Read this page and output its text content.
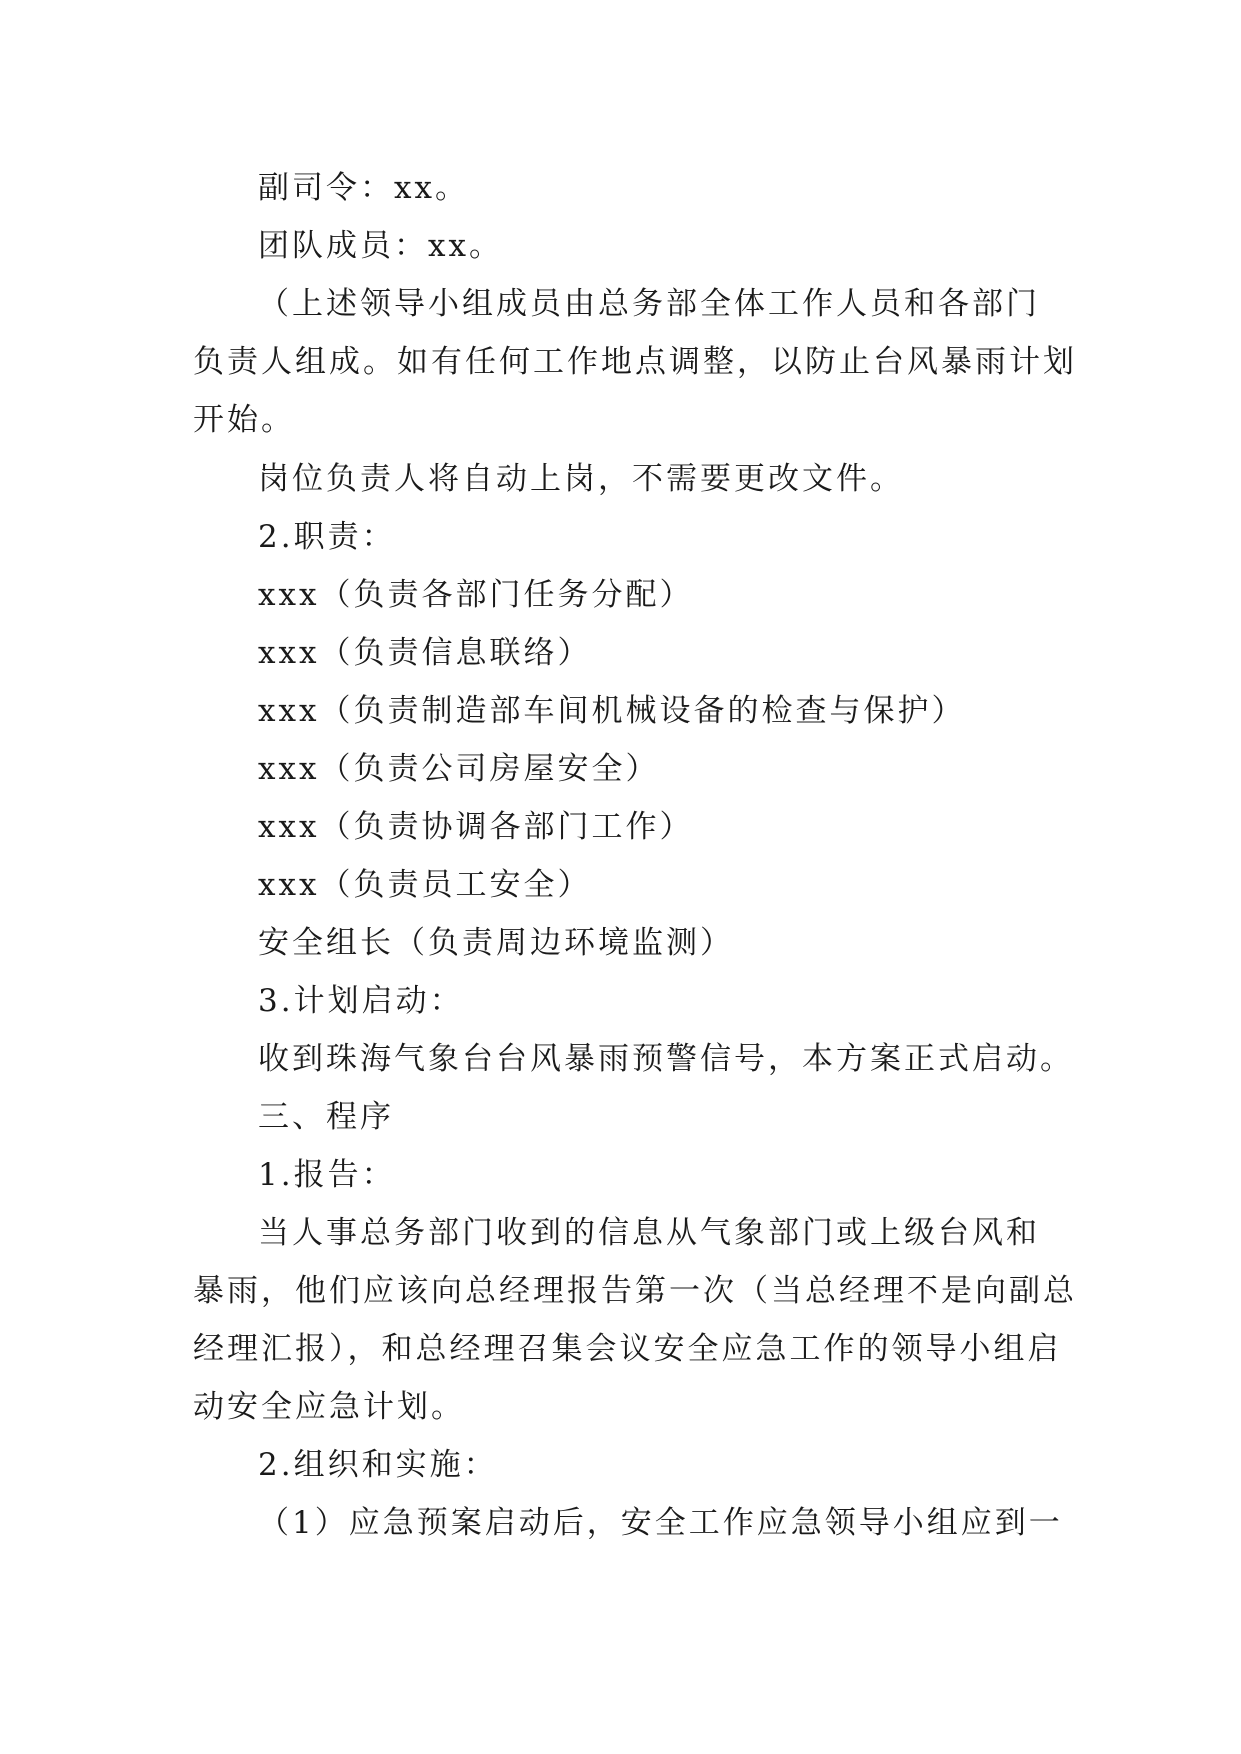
副司令：xx。
团队成员：xx。
（上述领导小组成员由总务部全体工作人员和各部门
负责人组成。如有任何工作地点调整，以防止台风暴雨计划
开始。
岗位负责人将自动上岗，不需要更改文件。
2.职责：
xxx（负责各部门任务分配）
xxx（负责信息联络）
xxx（负责制造部车间机械设备的检查与保护）
xxx（负责公司房屋安全）
xxx（负责协调各部门工作）
xxx（负责员工安全）
安全组长（负责周边环境监测）
3.计划启动：
收到珠海气象台台风暴雨预警信号，本方案正式启动。
三、程序
1.报告：
当人事总务部门收到的信息从气象部门或上级台风和
暴雨，他们应该向总经理报告第一次（当总经理不是向副总
经理汇报），和总经理召集会议安全应急工作的领导小组启
动安全应急计划。
2.组织和实施：
（1）应急预案启动后，安全工作应急领导小组应到一
